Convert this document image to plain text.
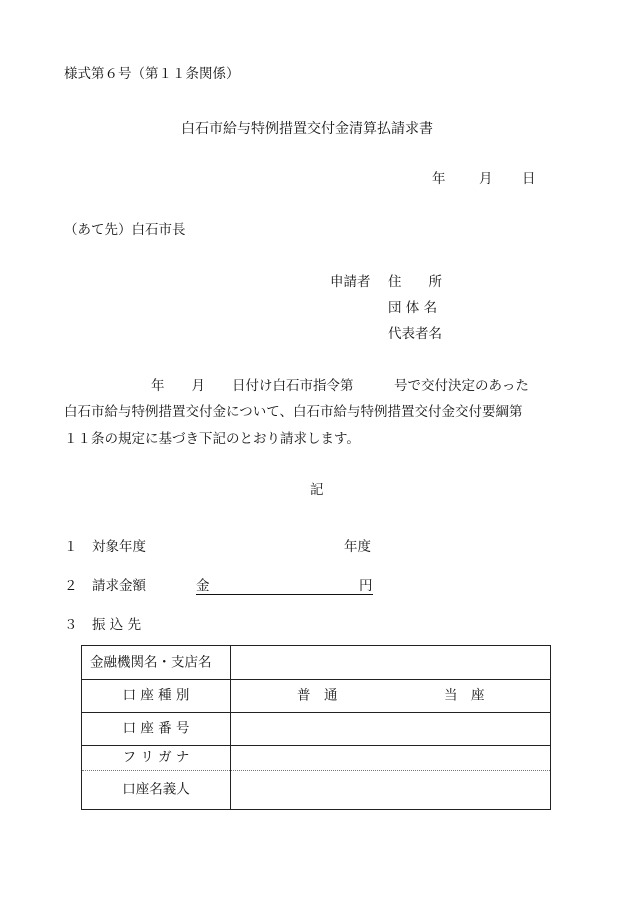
様式第６号（第１１条関係）
白石市給与特例措置交付金清算払請求書
年 月 日
（あて先）白石市長
申請者 住　　所
団 体 名
代表者名
年　　月　　日付け白石市指令第　　　号で交付決定のあった
白石市給与特例措置交付金について、白石市給与特例措置交付金交付要綱第
１１条の規定に基づき下記のとおり請求します。
記
１ 対象年度	年度
２ 請求金額	金	円
３ 振 込 先
金融機関名・支店名
口 座 種 別	普　通	当　座
口 座 番 号
フ リ ガ ナ
口座名義人
